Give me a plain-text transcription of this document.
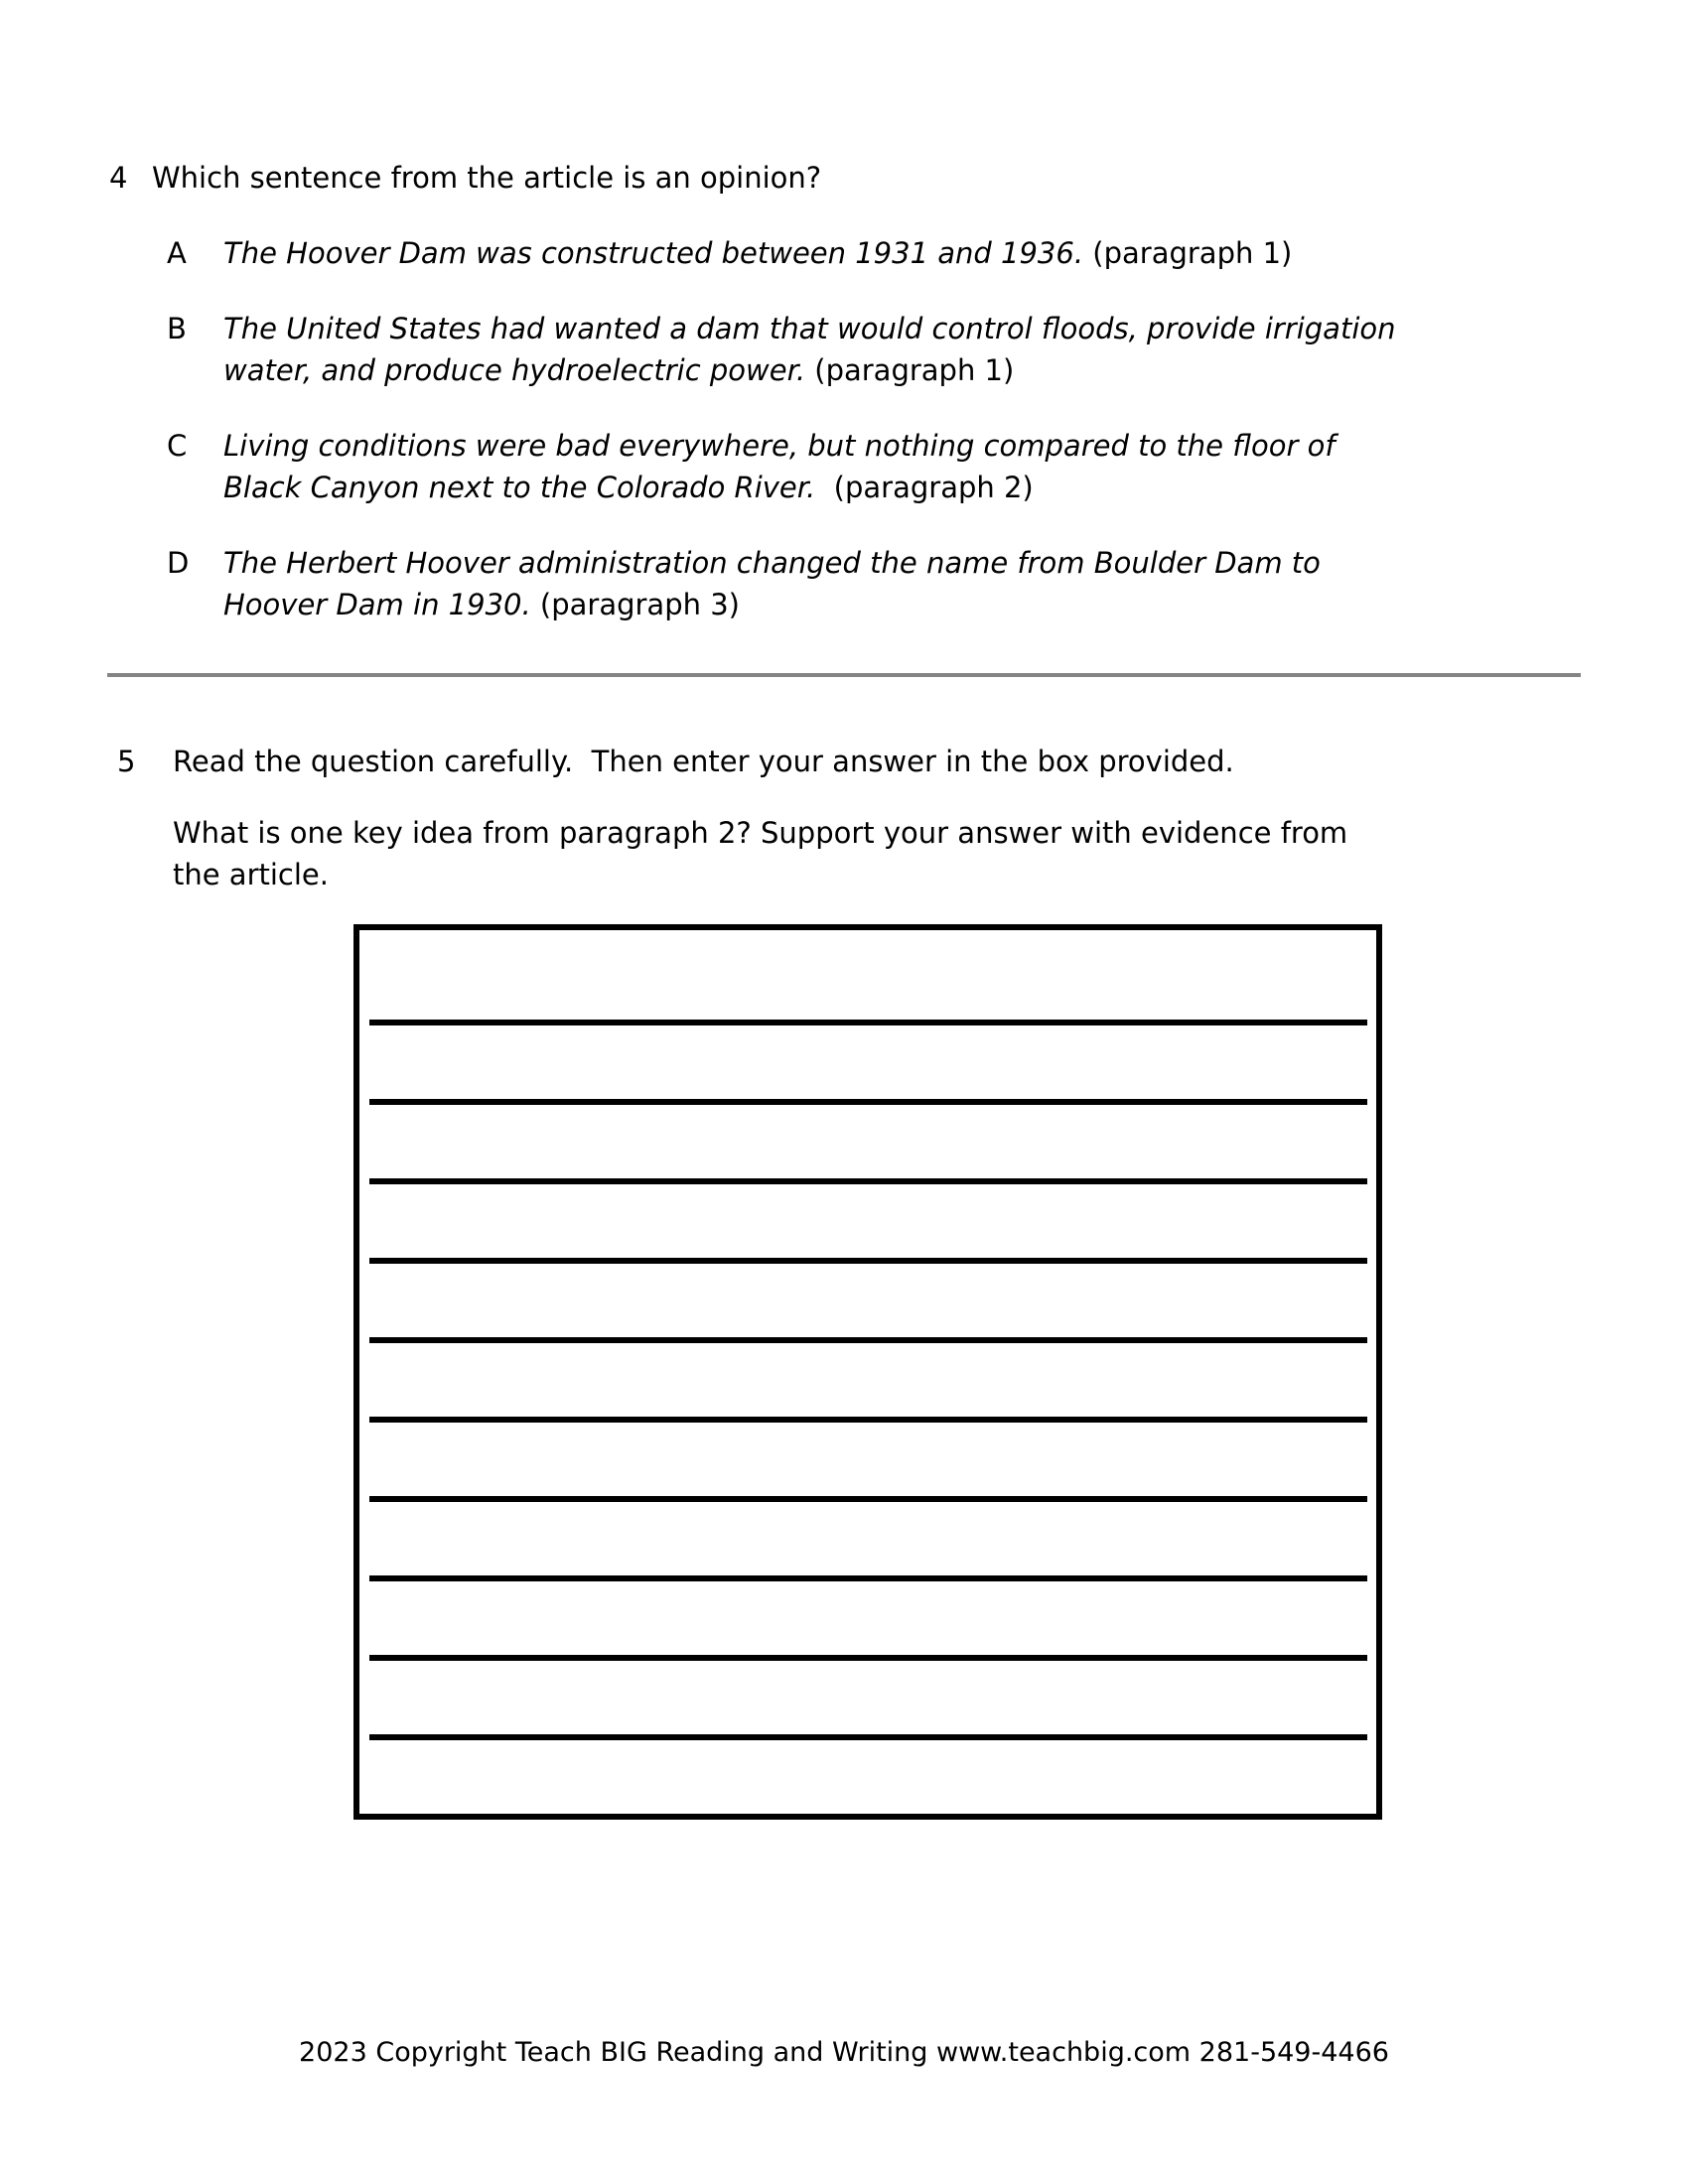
4 Which sentence from the article is an opinion?
A	The Hoover Dam was constructed between 1931 and 1936. (paragraph 1)
B	The United States had wanted a dam that would control floods, provide irrigation
water, and produce hydroelectric power. (paragraph 1)
C	Living conditions were bad everywhere, but nothing compared to the floor of
Black Canyon next to the Colorado River.  (paragraph 2)
D	The Herbert Hoover administration changed the name from Boulder Dam to
Hoover Dam in 1930. (paragraph 3)
5	Read the question carefully.  Then enter your answer in the box provided.
What is one key idea from paragraph 2? Support your answer with evidence from
the article.
2023 Copyright Teach BIG Reading and Writing www.teachbig.com 281-549-4466
